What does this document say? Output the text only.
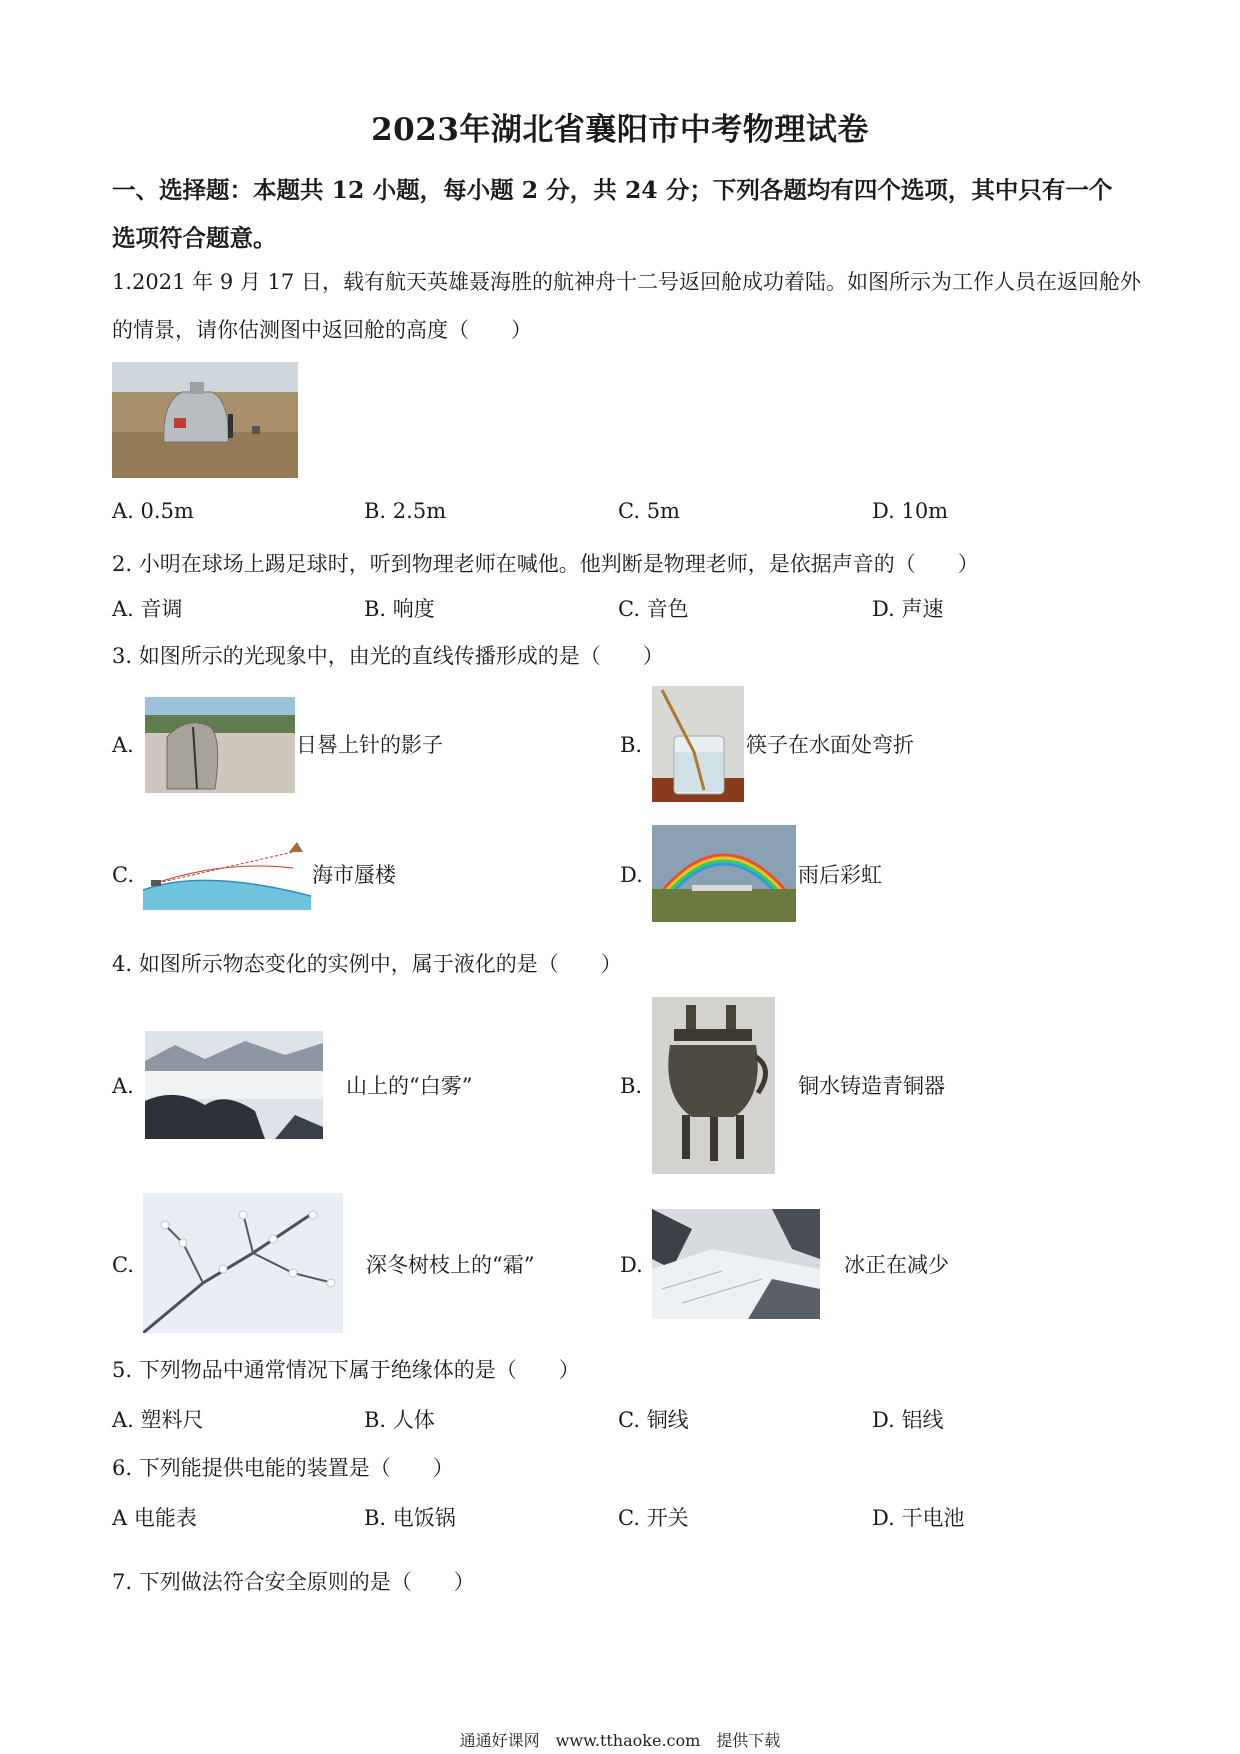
2023年湖北省襄阳市中考物理试卷
一、选择题：本题共 12 小题，每小题 2 分，共 24 分；下列各题均有四个选项，其中只有一个选项符合题意。
1.2021 年 9 月 17 日，载有航天英雄聂海胜的航神舟十二号返回舱成功着陆。如图所示为工作人员在返回舱外的情景，请你估测图中返回舱的高度（　　）
A. 0.5m	B. 2.5m	C. 5m	D. 10m
2. 小明在球场上踢足球时，听到物理老师在喊他。他判断是物理老师，是依据声音的（　　）
A. 音调	B. 响度	C. 音色	D. 声速
3. 如图所示的光现象中，由光的直线传播形成的是（　　）
A.	日晷上针的影子	B.	筷子在水面处弯折
C.	海市蜃楼	D.	雨后彩虹
4. 如图所示物态变化的实例中，属于液化的是（　　）
A.	山上的“白雾”	B.	铜水铸造青铜器
C.	深冬树枝上的“霜”	D.	冰正在减少
5. 下列物品中通常情况下属于绝缘体的是（　　）
A. 塑料尺	B. 人体	C. 铜线	D. 铝线
6. 下列能提供电能的装置是（　　）
A 电能表	B. 电饭锅	C. 开关	D. 干电池
7. 下列做法符合安全原则的是（　　）
通通好课网　www.tthaoke.com　提供下载
